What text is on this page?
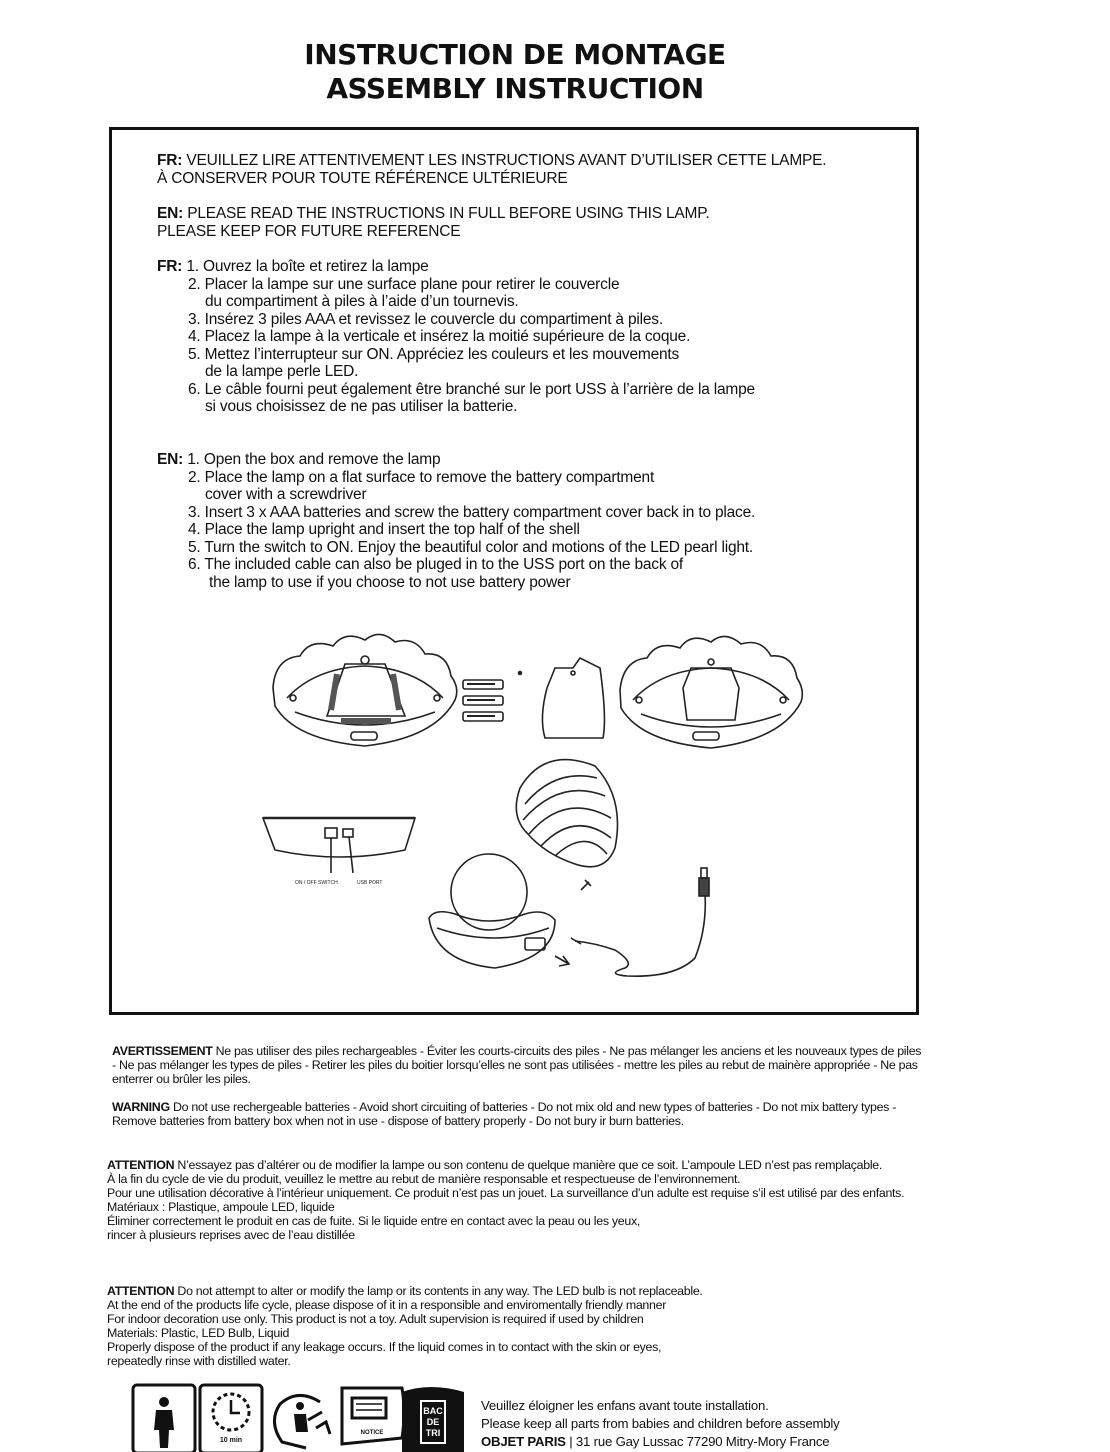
INSTRUCTION DE MONTAGE
ASSEMBLY INSTRUCTION
FR: VEUILLEZ LIRE ATTENTIVEMENT LES INSTRUCTIONS AVANT D’UTILISER CETTE LAMPE.
À CONSERVER POUR TOUTE RÉFÉRENCE ULTÉRIEURE
EN: PLEASE READ THE INSTRUCTIONS IN FULL BEFORE USING THIS LAMP.
PLEASE KEEP FOR FUTURE REFERENCE
FR: 1. Ouvrez la boîte et retirez la lampe
2. Placer la lampe sur une surface plane pour retirer le couvercle
du compartiment à piles à l’aide d’un tournevis.
3. Insérez 3 piles AAA et revissez le couvercle du compartiment à piles.
4. Placez la lampe à la verticale et insérez la moitié supérieure de la coque.
5. Mettez l’interrupteur sur ON. Appréciez les couleurs et les mouvements
de la lampe perle LED.
6. Le câble fourni peut également être branché sur le port USS à l’arrière de la lampe
si vous choisissez de ne pas utiliser la batterie.
EN: 1. Open the box and remove the lamp
2. Place the lamp on a flat surface to remove the battery compartment
cover with a screwdriver
3. Insert 3 x AAA batteries and screw the battery compartment cover back in to place.
4. Place the lamp upright and insert the top half of the shell
5. Turn the switch to ON. Enjoy the beautiful color and motions of the LED pearl light.
6. The included cable can also be pluged in to the USS port on the back of
the lamp to use if you choose to not use battery power
ON / OFF SWITCH	USB PORT
AVERTISSEMENT Ne pas utiliser des piles rechargeables - Éviter les courts-circuits des piles - Ne pas mélanger les anciens et les nouveaux types de piles - Ne pas mélanger les types de piles - Retirer les piles du boitier lorsqu’elles ne sont pas utilisées - mettre les piles au rebut de mainère appropriée - Ne pas enterrer ou brûler les piles.
WARNING Do not use rechergeable batteries - Avoid short circuiting of batteries - Do not mix old and new types of batteries - Do not mix battery types - Remove batteries from battery box when not in use - dispose of battery properly - Do not bury ir burn batteries.
ATTENTION N’essayez pas d’altérer ou de modifier la lampe ou son contenu de quelque manière que ce soit. L’ampoule LED n’est pas remplaçable.
À la fin du cycle de vie du produit, veuillez le mettre au rebut de manière responsable et respectueuse de l’environnement.
Pour une utilisation décorative à l’intérieur uniquement. Ce produit n’est pas un jouet. La surveillance d’un adulte est requise s’il est utilisé par des enfants.
Matériaux : Plastique, ampoule LED, liquide
Éliminer correctement le produit en cas de fuite. Si le liquide entre en contact avec la peau ou les yeux,
rincer à plusieurs reprises avec de l’eau distillée
ATTENTION Do not attempt to alter or modify the lamp or its contents in any way. The LED bulb is not replaceable.
At the end of the products life cycle, please dispose of it in a responsible and enviromentally friendly manner
For indoor decoration use only. This product is not a toy. Adult supervision is required if used by children
Materials: Plastic, LED Bulb, Liquid
Properly dispose of the product if any leakage occurs. If the liquid comes in to contact with the skin or eyes,
repeatedly rinse with distilled water.
10 min
NOTICE
BAC
DE
TRI
Veuillez éloigner les enfans avant toute installation.
Please keep all parts from babies and children before assembly
OBJET PARIS | 31 rue Gay Lussac 77290 Mitry-Mory France
